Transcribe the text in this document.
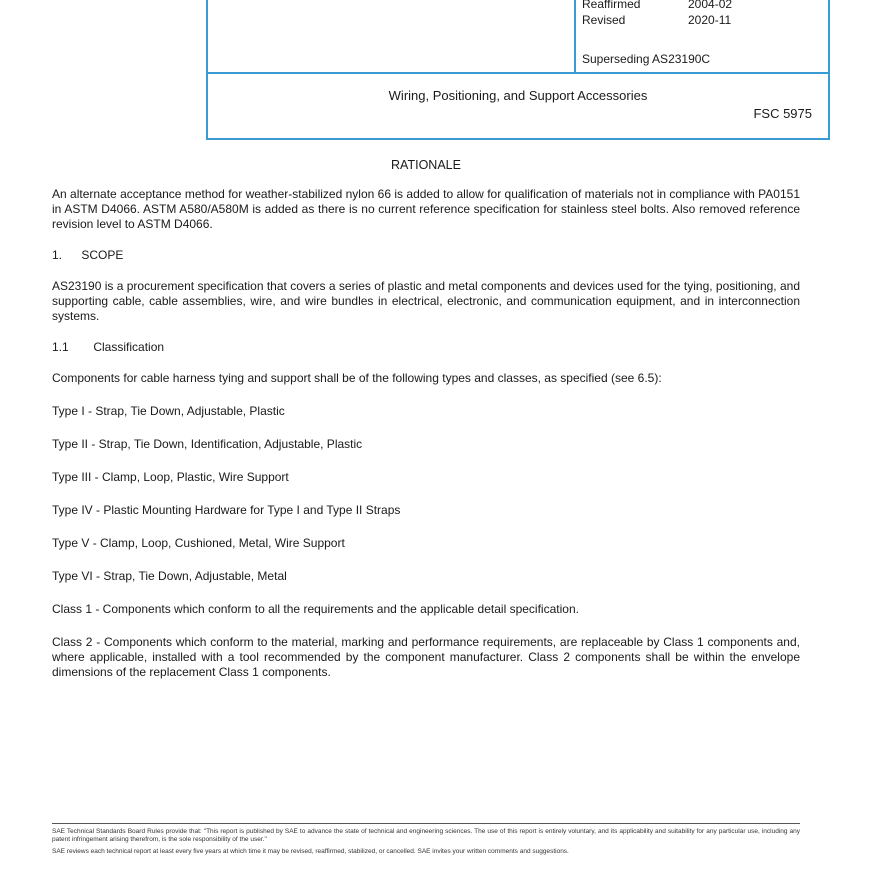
Reaffirmed	2004-02
Revised	2020-11
Superseding AS23190C
Wiring, Positioning, and Support Accessories
FSC 5975
RATIONALE

An alternate acceptance method for weather-stabilized nylon 66 is added to allow for qualification of materials not in compliance with PA0151 in ASTM D4066. ASTM A580/A580M is added as there is no current reference specification for stainless steel bolts. Also removed reference revision level to ASTM D4066.

1. SCOPE

AS23190 is a procurement specification that covers a series of plastic and metal components and devices used for the tying, positioning, and supporting cable, cable assemblies, wire, and wire bundles in electrical, electronic, and communication equipment, and in interconnection systems.

1.1 Classification

Components for cable harness tying and support shall be of the following types and classes, as specified (see 6.5):

Type I - Strap, Tie Down, Adjustable, Plastic
Type II - Strap, Tie Down, Identification, Adjustable, Plastic
Type III - Clamp, Loop, Plastic, Wire Support
Type IV - Plastic Mounting Hardware for Type I and Type II Straps
Type V - Clamp, Loop, Cushioned, Metal, Wire Support
Type VI - Strap, Tie Down, Adjustable, Metal

Class 1 - Components which conform to all the requirements and the applicable detail specification.

Class 2 - Components which conform to the material, marking and performance requirements, are replaceable by Class 1 components and, where applicable, installed with a tool recommended by the component manufacturer. Class 2 components shall be within the envelope dimensions of the replacement Class 1 components.

SAE Technical Standards Board Rules provide that: "This report is published by SAE to advance the state of technical and engineering sciences. The use of this report is entirely voluntary, and its applicability and suitability for any particular use, including any patent infringement arising therefrom, is the sole responsibility of the user."

SAE reviews each technical report at least every five years at which time it may be revised, reaffirmed, stabilized, or cancelled. SAE invites your written comments and suggestions.
